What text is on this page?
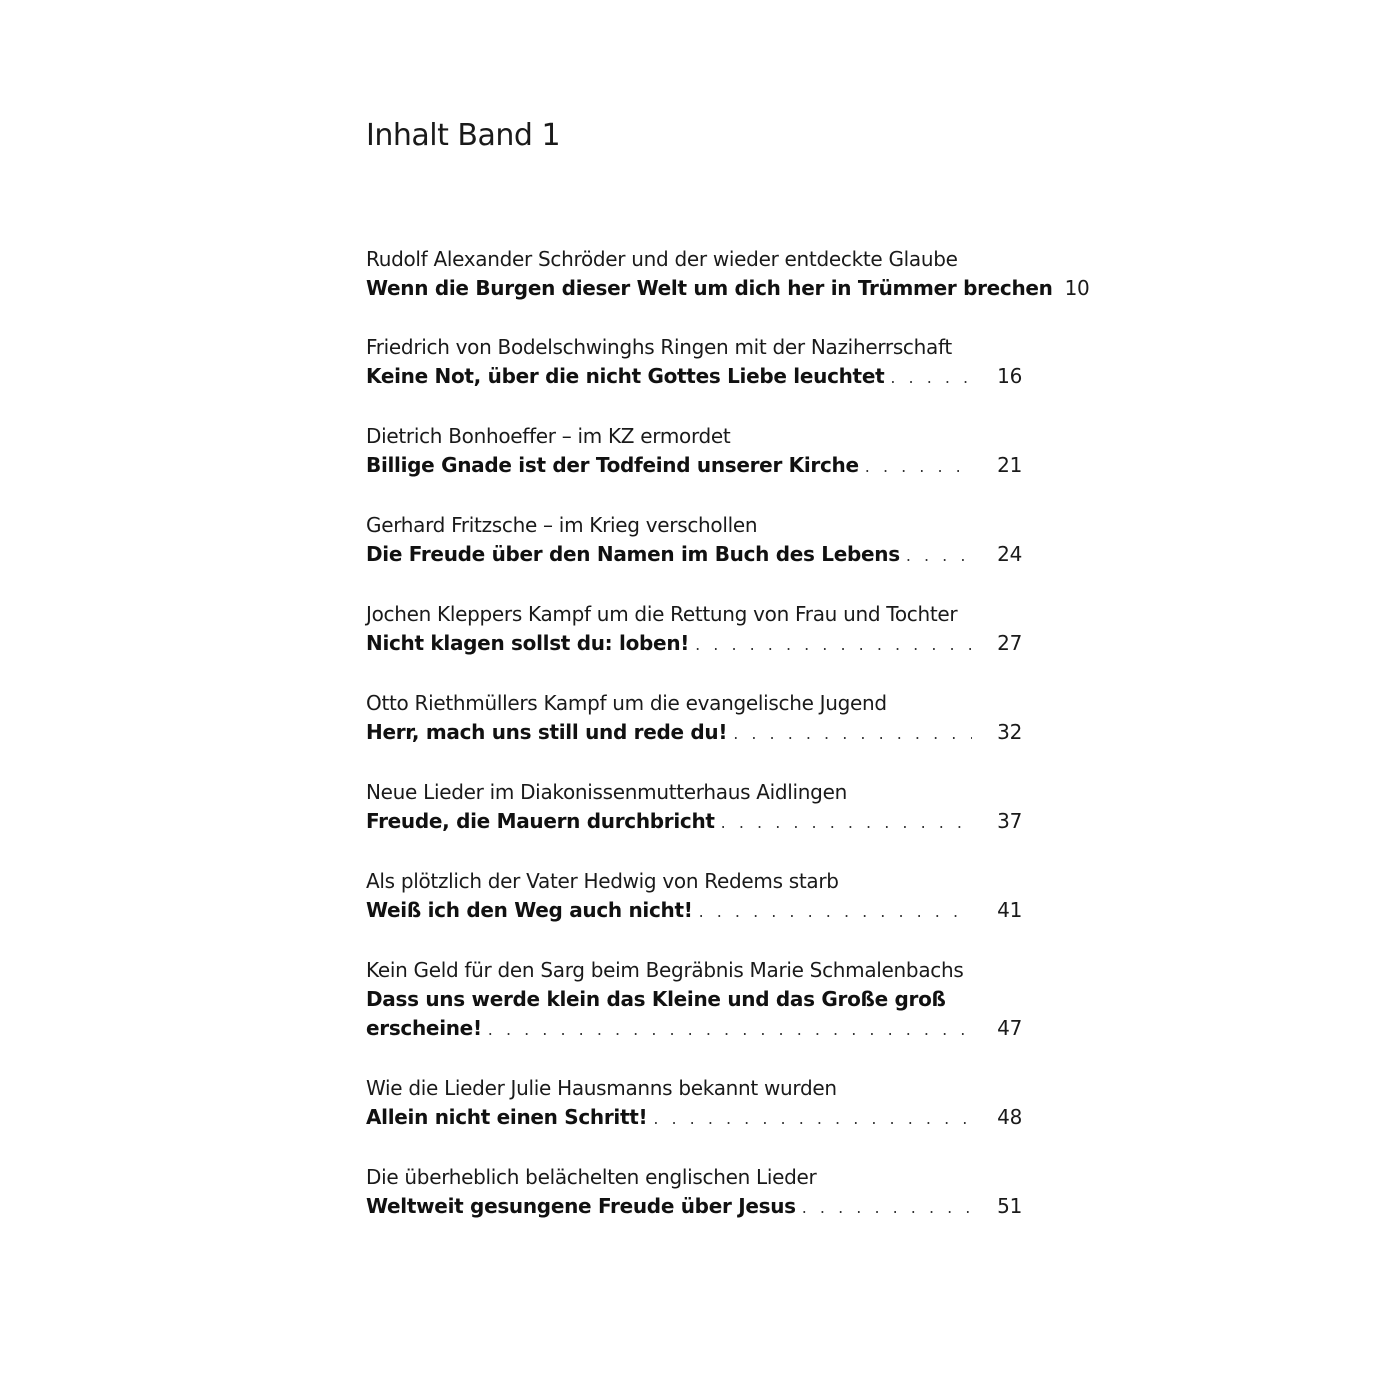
Inhalt Band 1
Rudolf Alexander Schröder und der wieder entdeckte Glaube
Wenn die Burgen dieser Welt um dich her in Trümmer brechen 10
Friedrich von Bodelschwinghs Ringen mit der Naziherrschaft
Keine Not, über die nicht Gottes Liebe leuchtet . . .	16
Dietrich Bonhoeffer – im KZ ermordet
Billige Gnade ist der Todfeind unserer Kirche . . .	21
Gerhard Fritzsche – im Krieg verschollen
Die Freude über den Namen im Buch des Lebens . . .	24
Jochen Kleppers Kampf um die Rettung von Frau und Tochter
Nicht klagen sollst du: loben! . . .	27
Otto Riethmüllers Kampf um die evangelische Jugend
Herr, mach uns still und rede du! . . .	32
Neue Lieder im Diakonissenmutterhaus Aidlingen
Freude, die Mauern durchbricht . . .	37
Als plötzlich der Vater Hedwig von Redems starb
Weiß ich den Weg auch nicht! . . .	41
Kein Geld für den Sarg beim Begräbnis Marie Schmalenbachs
Dass uns werde klein das Kleine und das Große groß
erscheine! . . .	47
Wie die Lieder Julie Hausmanns bekannt wurden
Allein nicht einen Schritt! . . .	48
Die überheblich belächelten englischen Lieder
Weltweit gesungene Freude über Jesus . . .	51
